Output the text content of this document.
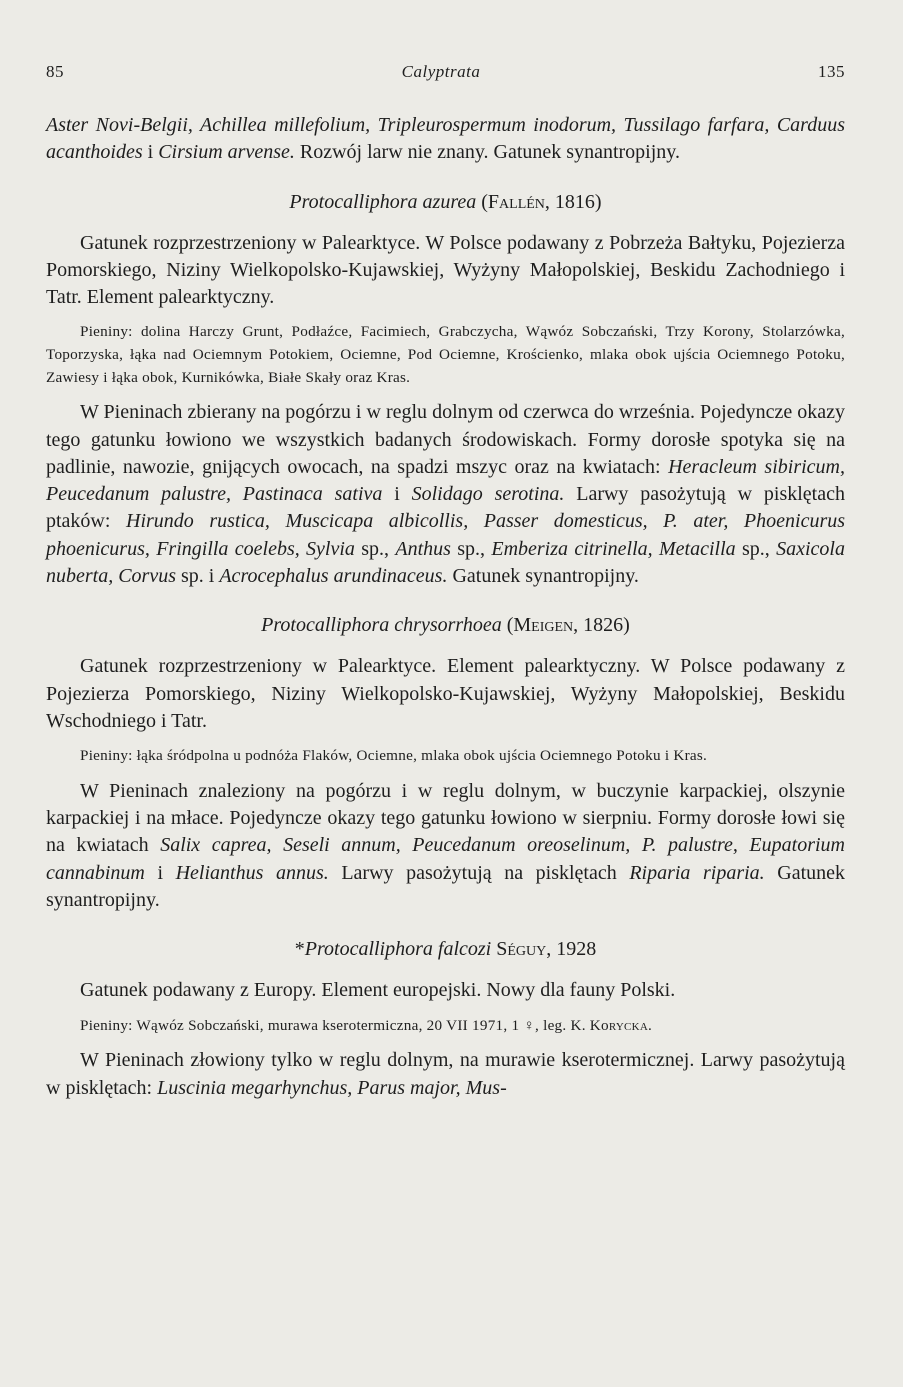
85	Calyptrata	135

Aster Novi-Belgii, Achillea millefolium, Tripleurospermum inodorum, Tussilago farfara, Carduus acanthoides i Cirsium arvense. Rozwój larw nie znany. Gatunek synantropijny.

Protocalliphora azurea (Fallén, 1816)

Gatunek rozprzestrzeniony w Palearktyce. W Polsce podawany z Pobrzeża Bałtyku, Pojezierza Pomorskiego, Niziny Wielkopolsko-Kujawskiej, Wyżyny Małopolskiej, Beskidu Zachodniego i Tatr. Element palearktyczny.

Pieniny: dolina Harczy Grunt, Podłaźce, Facimiech, Grabczycha, Wąwóz Sobczański, Trzy Korony, Stolarzówka, Toporzyska, łąka nad Ociemnym Potokiem, Ociemne, Pod Ociemne, Krościenko, mlaka obok ujścia Ociemnego Potoku, Zawiesy i łąka obok, Kurnikówka, Białe Skały oraz Kras.

W Pieninach zbierany na pogórzu i w reglu dolnym od czerwca do września. Pojedyncze okazy tego gatunku łowiono we wszystkich badanych środowiskach. Formy dorosłe spotyka się na padlinie, nawozie, gnijących owocach, na spadzi mszyc oraz na kwiatach: Heracleum sibiricum, Peucedanum palustre, Pastinaca sativa i Solidago serotina. Larwy pasożytują w pisklętach ptaków: Hirundo rustica, Muscicapa albicollis, Passer domesticus, P. ater, Phoenicurus phoenicurus, Fringilla coelebs, Sylvia sp., Anthus sp., Emberiza citrinella, Metacilla sp., Saxicola nuberta, Corvus sp. i Acrocephalus arundinaceus. Gatunek synantropijny.

Protocalliphora chrysorrhoea (Meigen, 1826)

Gatunek rozprzestrzeniony w Palearktyce. Element palearktyczny. W Polsce podawany z Pojezierza Pomorskiego, Niziny Wielkopolsko-Kujawskiej, Wyżyny Małopolskiej, Beskidu Wschodniego i Tatr.

Pieniny: łąka śródpolna u podnóża Flaków, Ociemne, mlaka obok ujścia Ociemnego Potoku i Kras.

W Pieninach znaleziony na pogórzu i w reglu dolnym, w buczynie karpackiej, olszynie karpackiej i na młace. Pojedyncze okazy tego gatunku łowiono w sierpniu. Formy dorosłe łowi się na kwiatach Salix caprea, Seseli annum, Peucedanum oreoselinum, P. palustre, Eupatorium cannabinum i Helianthus annus. Larwy pasożytują na pisklętach Riparia riparia. Gatunek synantropijny.

*Protocalliphora falcozi Séguy, 1928

Gatunek podawany z Europy. Element europejski. Nowy dla fauny Polski.

Pieniny: Wąwóz Sobczański, murawa kserotermiczna, 20 VII 1971, 1 ♀, leg. K. Korycka.

W Pieninach złowiony tylko w reglu dolnym, na murawie kserotermicznej. Larwy pasożytują w pisklętach: Luscinia megarhynchus, Parus major, Mus-
